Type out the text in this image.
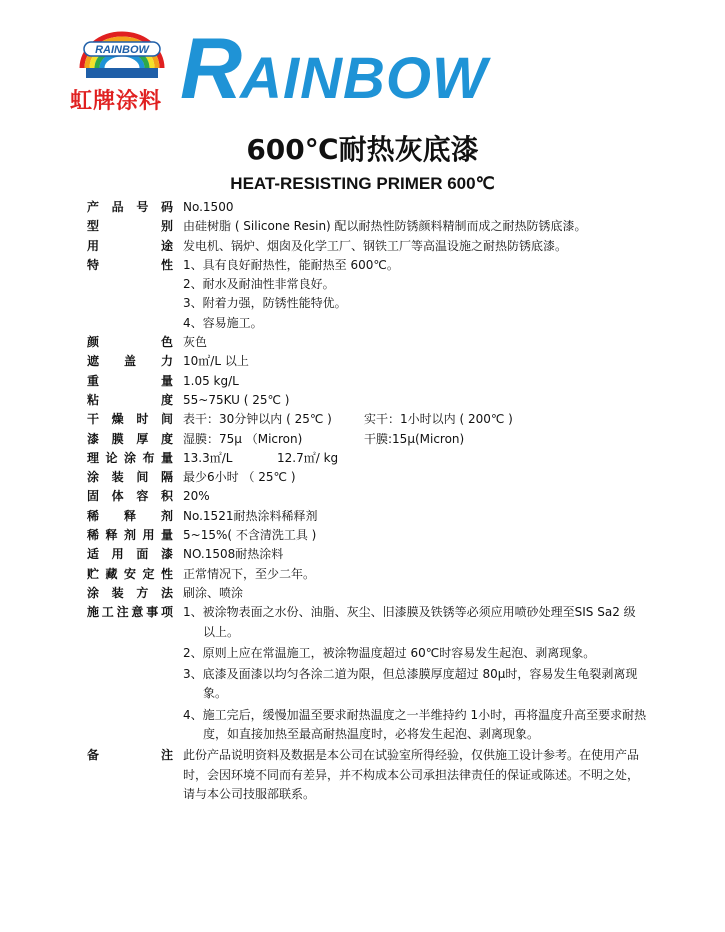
RAINBOW
虹牌涂料 RAINBOW
600℃耐热灰底漆
HEAT-RESISTING PRIMER 600℃
产品号码 No.1500
型别 由硅树脂 ( Silicone Resin) 配以耐热性防锈颜料精制而成之耐热防锈底漆。
用途 发电机、锅炉、烟囱及化学工厂、钢铁工厂等高温设施之耐热防锈底漆。
特性 1、具有良好耐热性，能耐热至 600℃。
2、耐水及耐油性非常良好。
3、附着力强，防锈性能特优。
4、容易施工。
颜色 灰色
遮盖力 10㎡/L 以上
重量 1.05 kg/L
粘度 55~75KU ( 25℃ )
干燥时间 表干：30分钟以内 ( 25℃ )	实干：1小时以内 ( 200℃ )
漆膜厚度 湿膜：75μ （Micron)	干膜:15μ(Micron)
理论涂布量 13.3㎡/L	12.7㎡/ kg
涂装间隔 最少6小时 （ 25℃ )
固体容积 20%
稀释剂 No.1521耐热涂料稀释剂
稀释剂用量 5~15%( 不含清洗工具 )
适用面漆 NO.1508耐热涂料
贮藏安定性 正常情况下，至少二年。
涂装方法 刷涂、喷涂
施工注意事项 1、被涂物表面之水份、油脂、灰尘、旧漆膜及铁锈等必须应用喷砂处理至SIS Sa2 级以上。
2、原则上应在常温施工，被涂物温度超过 60℃时容易发生起泡、剥离现象。
3、底漆及面漆以均匀各涂二道为限，但总漆膜厚度超过 80μ时，容易发生龟裂剥离现象。
4、施工完后，缓慢加温至要求耐热温度之一半维持约 1小时，再将温度升高至要求耐热度，如直接加热至最高耐热温度时，必将发生起泡、剥离现象。
备注 此份产品说明资料及数据是本公司在试验室所得经验，仅供施工设计参考。在使用产品时，会因环境不同而有差异，并不构成本公司承担法律责任的保证或陈述。不明之处，请与本公司技服部联系。
